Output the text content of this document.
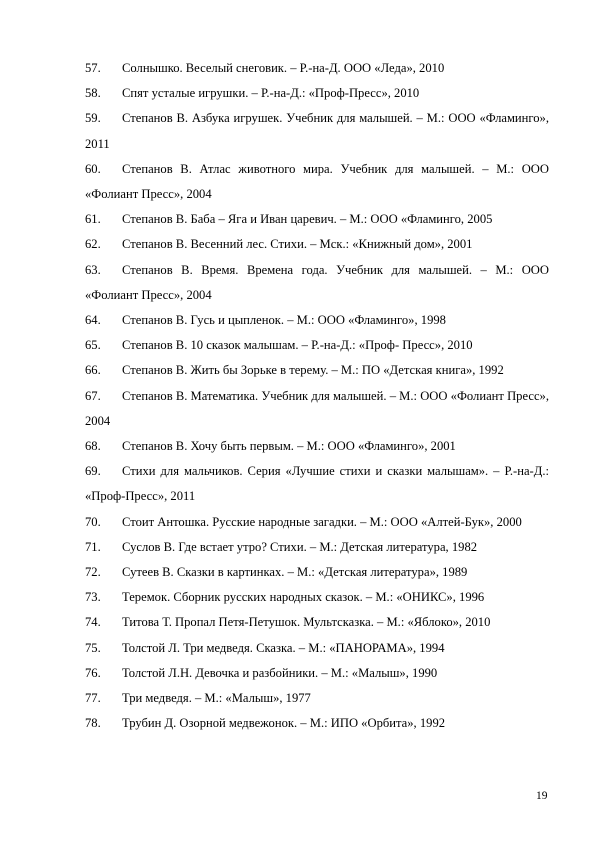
57. Солнышко. Веселый снеговик. – Р.-на-Д. ООО «Леда», 2010

58. Спят усталые игрушки. – Р.-на-Д.: «Проф-Пресс», 2010

59. Степанов В. Азбука игрушек. Учебник для малышей. – М.: ООО «Фламинго», 2011

60. Степанов В. Атлас животного мира. Учебник для малышей. – М.: ООО «Фолиант Пресс», 2004

61. Степанов В. Баба – Яга и Иван царевич. – М.: ООО «Фламинго, 2005

62. Степанов В. Весенний лес. Стихи. – Мск.: «Книжный дом», 2001

63. Степанов В. Время. Времена года. Учебник для малышей. – М.: ООО «Фолиант Пресс», 2004

64. Степанов В. Гусь и цыпленок. – М.: ООО «Фламинго», 1998

65. Степанов В. 10 сказок малышам. – Р.-на-Д.: «Проф- Пресс», 2010

66. Степанов В. Жить бы Зорьке в терему. – М.: ПО «Детская книга», 1992

67. Степанов В. Математика. Учебник для малышей. – М.: ООО «Фолиант Пресс», 2004

68. Степанов В. Хочу быть первым. – М.: ООО «Фламинго», 2001

69. Стихи для мальчиков. Серия «Лучшие стихи и сказки малышам». – Р.-на-Д.: «Проф-Пресс», 2011

70. Стоит Антошка. Русские народные загадки. – М.: ООО «Алтей-Бук», 2000

71. Суслов В. Где встает утро? Стихи. – М.: Детская литература, 1982

72. Сутеев В. Сказки в картинках. – М.: «Детская литература», 1989

73. Теремок. Сборник русских народных сказок. – М.: «ОНИКС», 1996

74. Титова Т. Пропал Петя-Петушок. Мультсказка. – М.: «Яблоко», 2010

75. Толстой Л. Три медведя. Сказка. – М.: «ПАНОРАМА», 1994

76. Толстой Л.Н. Девочка и разбойники. – М.: «Малыш», 1990

77. Три медведя. – М.: «Малыш», 1977

78. Трубин Д. Озорной медвежонок. – М.: ИПО «Орбита», 1992

19
